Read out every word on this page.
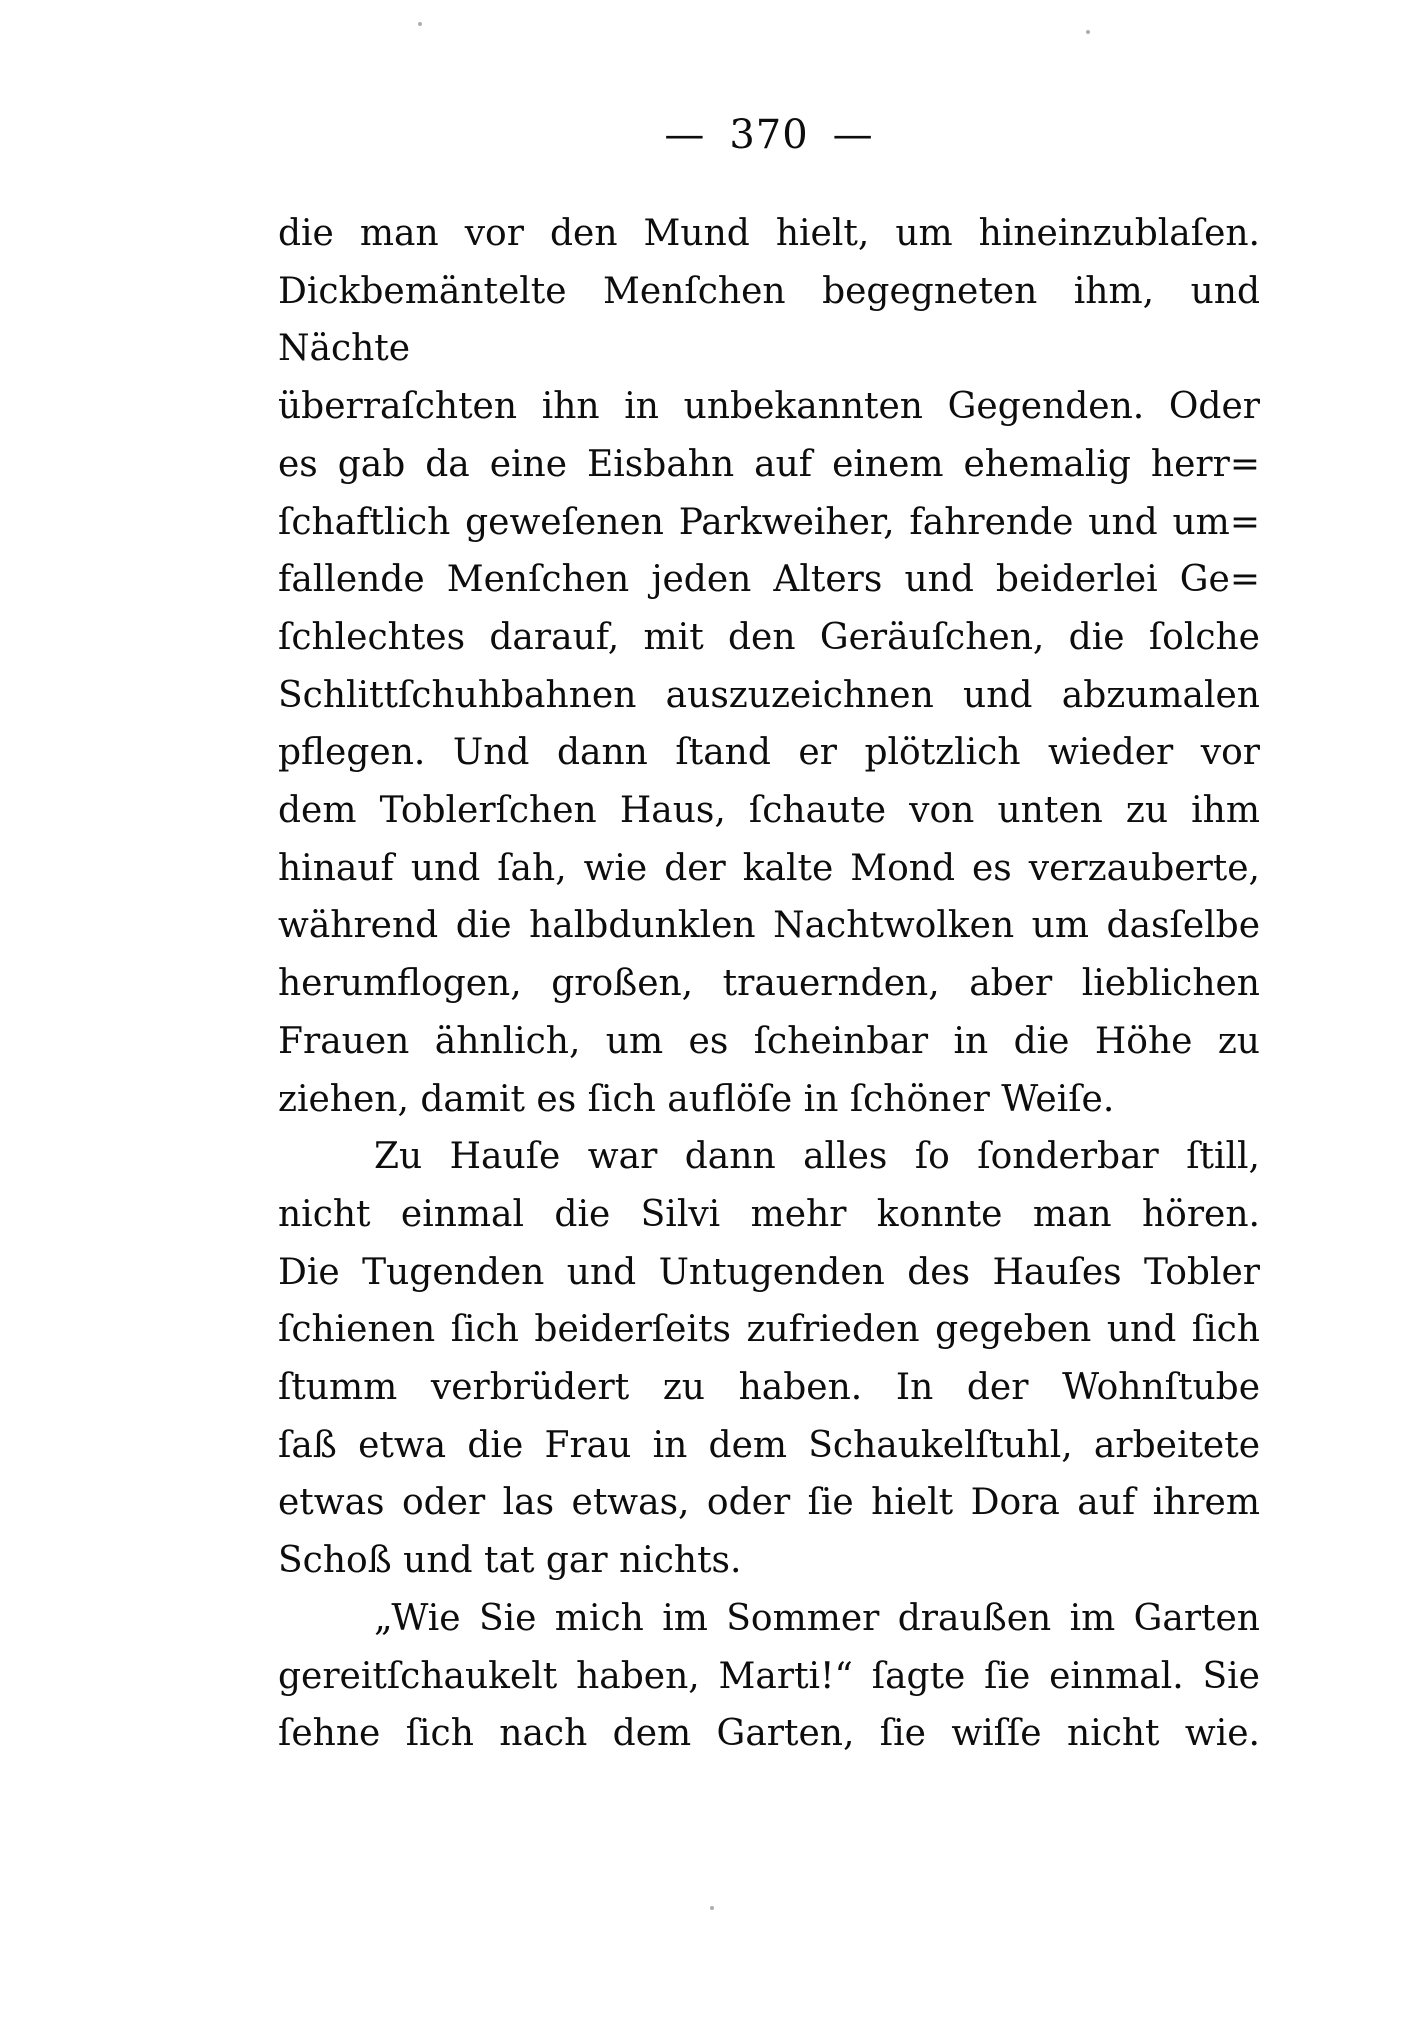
— 370 —
die man vor den Mund hielt, um hineinzublaſen.
Dickbemäntelte Menſchen begegneten ihm, und Nächte
überraſchten ihn in unbekannten Gegenden. Oder
es gab da eine Eisbahn auf einem ehemalig herr=
ſchaftlich geweſenen Parkweiher, fahrende und um=
fallende Menſchen jeden Alters und beiderlei Ge=
ſchlechtes darauf, mit den Geräuſchen, die ſolche
Schlittſchuhbahnen auszuzeichnen und abzumalen
pflegen. Und dann ſtand er plötzlich wieder vor
dem Toblerſchen Haus, ſchaute von unten zu ihm
hinauf und ſah, wie der kalte Mond es verzauberte,
während die halbdunklen Nachtwolken um dasſelbe
herumflogen, großen, trauernden, aber lieblichen
Frauen ähnlich, um es ſcheinbar in die Höhe zu
ziehen, damit es ſich auflöſe in ſchöner Weiſe.
Zu Hauſe war dann alles ſo ſonderbar ſtill,
nicht einmal die Silvi mehr konnte man hören.
Die Tugenden und Untugenden des Hauſes Tobler
ſchienen ſich beiderſeits zufrieden gegeben und ſich
ſtumm verbrüdert zu haben. In der Wohnſtube
ſaß etwa die Frau in dem Schaukelſtuhl, arbeitete
etwas oder las etwas, oder ſie hielt Dora auf ihrem
Schoß und tat gar nichts.
„Wie Sie mich im Sommer draußen im Garten
gereitſchaukelt haben, Marti!“ ſagte ſie einmal. Sie
ſehne ſich nach dem Garten, ſie wiſſe nicht wie.
